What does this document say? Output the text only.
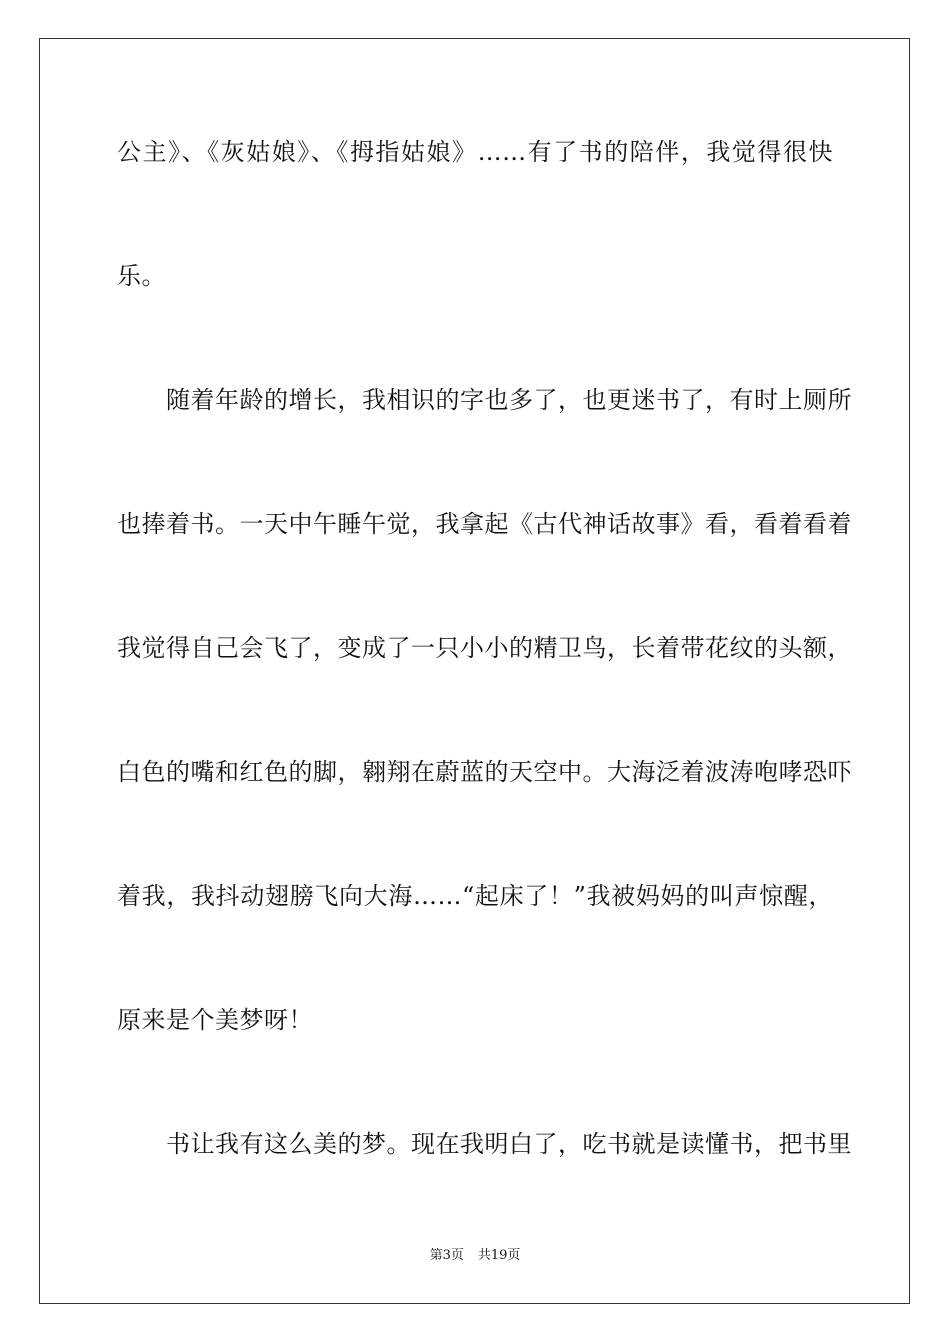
公主》、《灰姑娘》、《拇指姑娘》……有了书的陪伴，我觉得很快
乐。
　　随着年龄的增长，我相识的字也多了，也更迷书了，有时上厕所
也捧着书。一天中午睡午觉，我拿起《古代神话故事》看，看着看着
我觉得自己会飞了，变成了一只小小的精卫鸟，长着带花纹的头额，
白色的嘴和红色的脚，翱翔在蔚蓝的天空中。大海泛着波涛咆哮恐吓
着我，我抖动翅膀飞向大海……“起床了！”我被妈妈的叫声惊醒，
原来是个美梦呀！
　　书让我有这么美的梦。现在我明白了，吃书就是读懂书，把书里
第3页 共19页
